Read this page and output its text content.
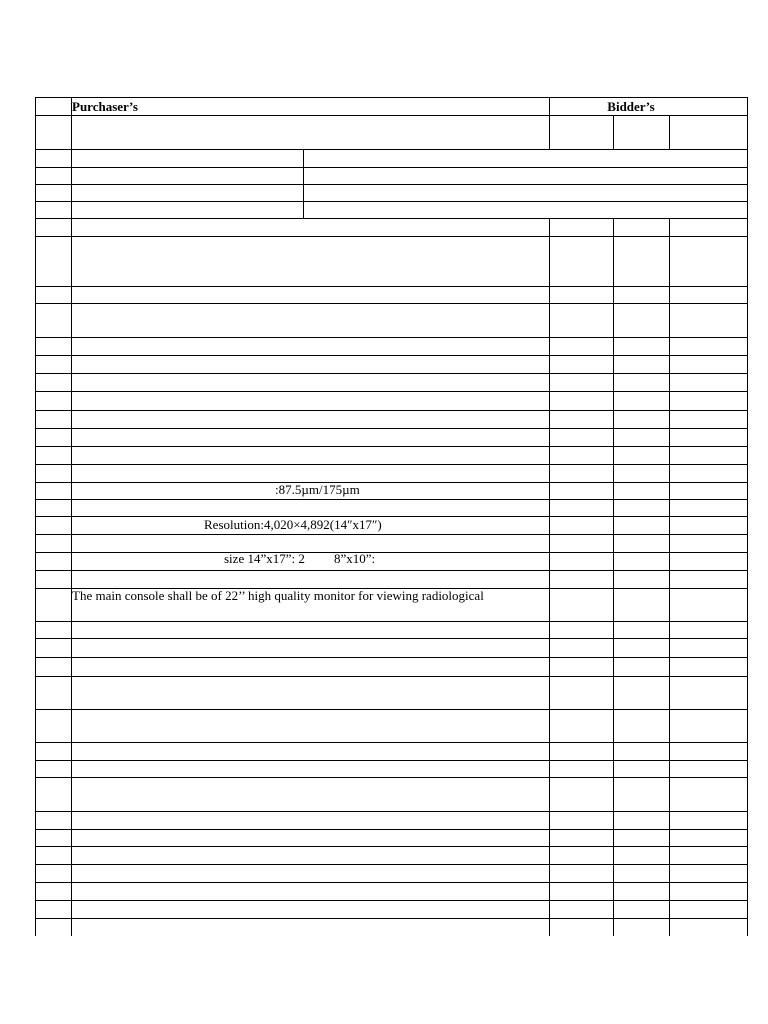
Purchaser’s	Bidder’s
:87.5µm/175µm
Resolution:4,020×4,892(14″x17″)
size 14”x17”: 2 8”x10”:
The main console shall be of 22’’ high quality monitor for viewing radiological
